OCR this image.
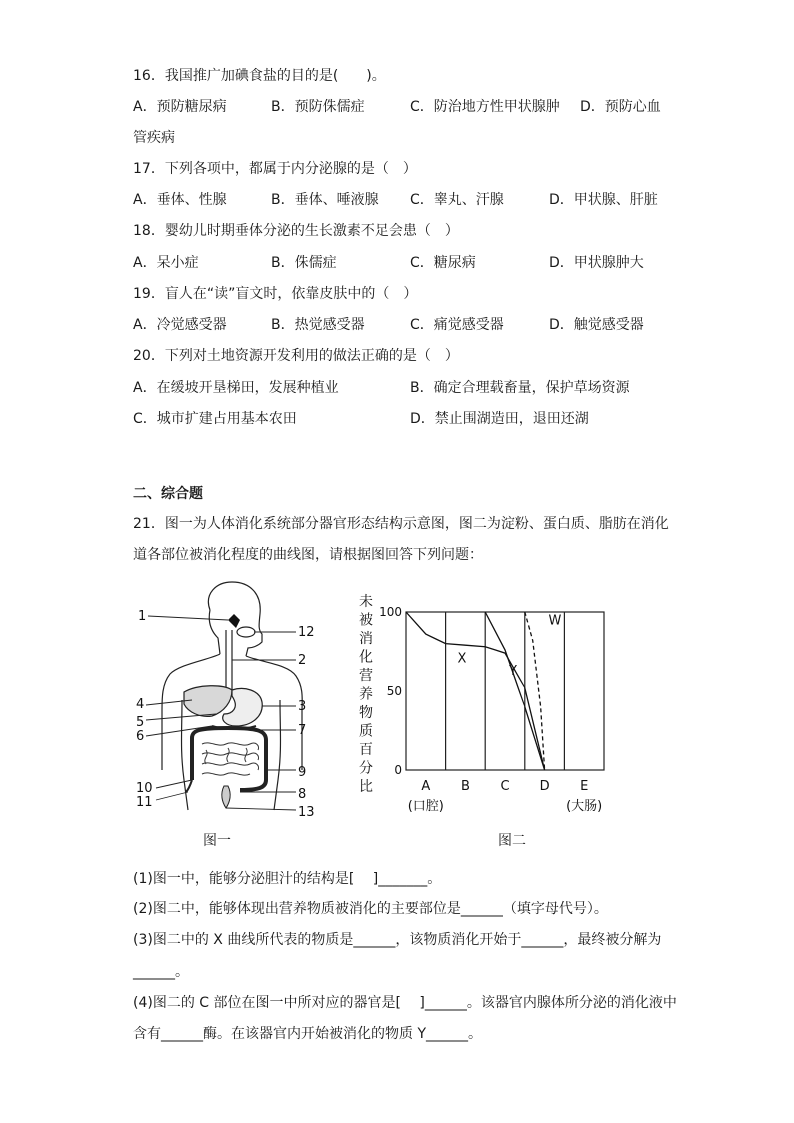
16．我国推广加碘食盐的目的是(　　)。
A．预防糖尿病	B．预防侏儒症	C．防治地方性甲状腺肿 D．预防心血
管疾病
17．下列各项中，都属于内分泌腺的是（　）
A．垂体、性腺	B．垂体、唾液腺 C．睾丸、汗腺	D．甲状腺、肝脏
18．婴幼儿时期垂体分泌的生长激素不足会患（　）
A．呆小症	B．侏儒症	C．糖尿病	D．甲状腺肿大
19．盲人在“读”盲文时，依靠皮肤中的（　）
A．冷觉感受器	B．热觉感受器	C．痛觉感受器	D．触觉感受器
20．下列对土地资源开发利用的做法正确的是（　）
A．在缓坡开垦梯田，发展种植业	B．确定合理载畜量，保护草场资源
C．城市扩建占用基本农田	D．禁止围湖造田，退田还湖
二、综合题
21．图一为人体消化系统部分器官形态结构示意图，图二为淀粉、蛋白质、脂肪在消化
道各部位被消化程度的曲线图，请根据图回答下列问题：
1
12
2
4
5
3
6	7
9
10
11
8
13
图一
未
被
消
化
营
养
物
质
百
分
比
0
50
100
A
(口腔)
B C D E
(大肠)
X
Y
W
图二
(1)图一中，能够分泌胆汁的结构是[　 ]_______。
(2)图二中，能够体现出营养物质被消化的主要部位是______（填字母代号）。
(3)图二中的 X 曲线所代表的物质是______，该物质消化开始于______，最终被分解为
______。
(4)图二的 C 部位在图一中所对应的器官是[　 ]______。该器官内腺体所分泌的消化液中
含有______酶。在该器官内开始被消化的物质 Y______。
